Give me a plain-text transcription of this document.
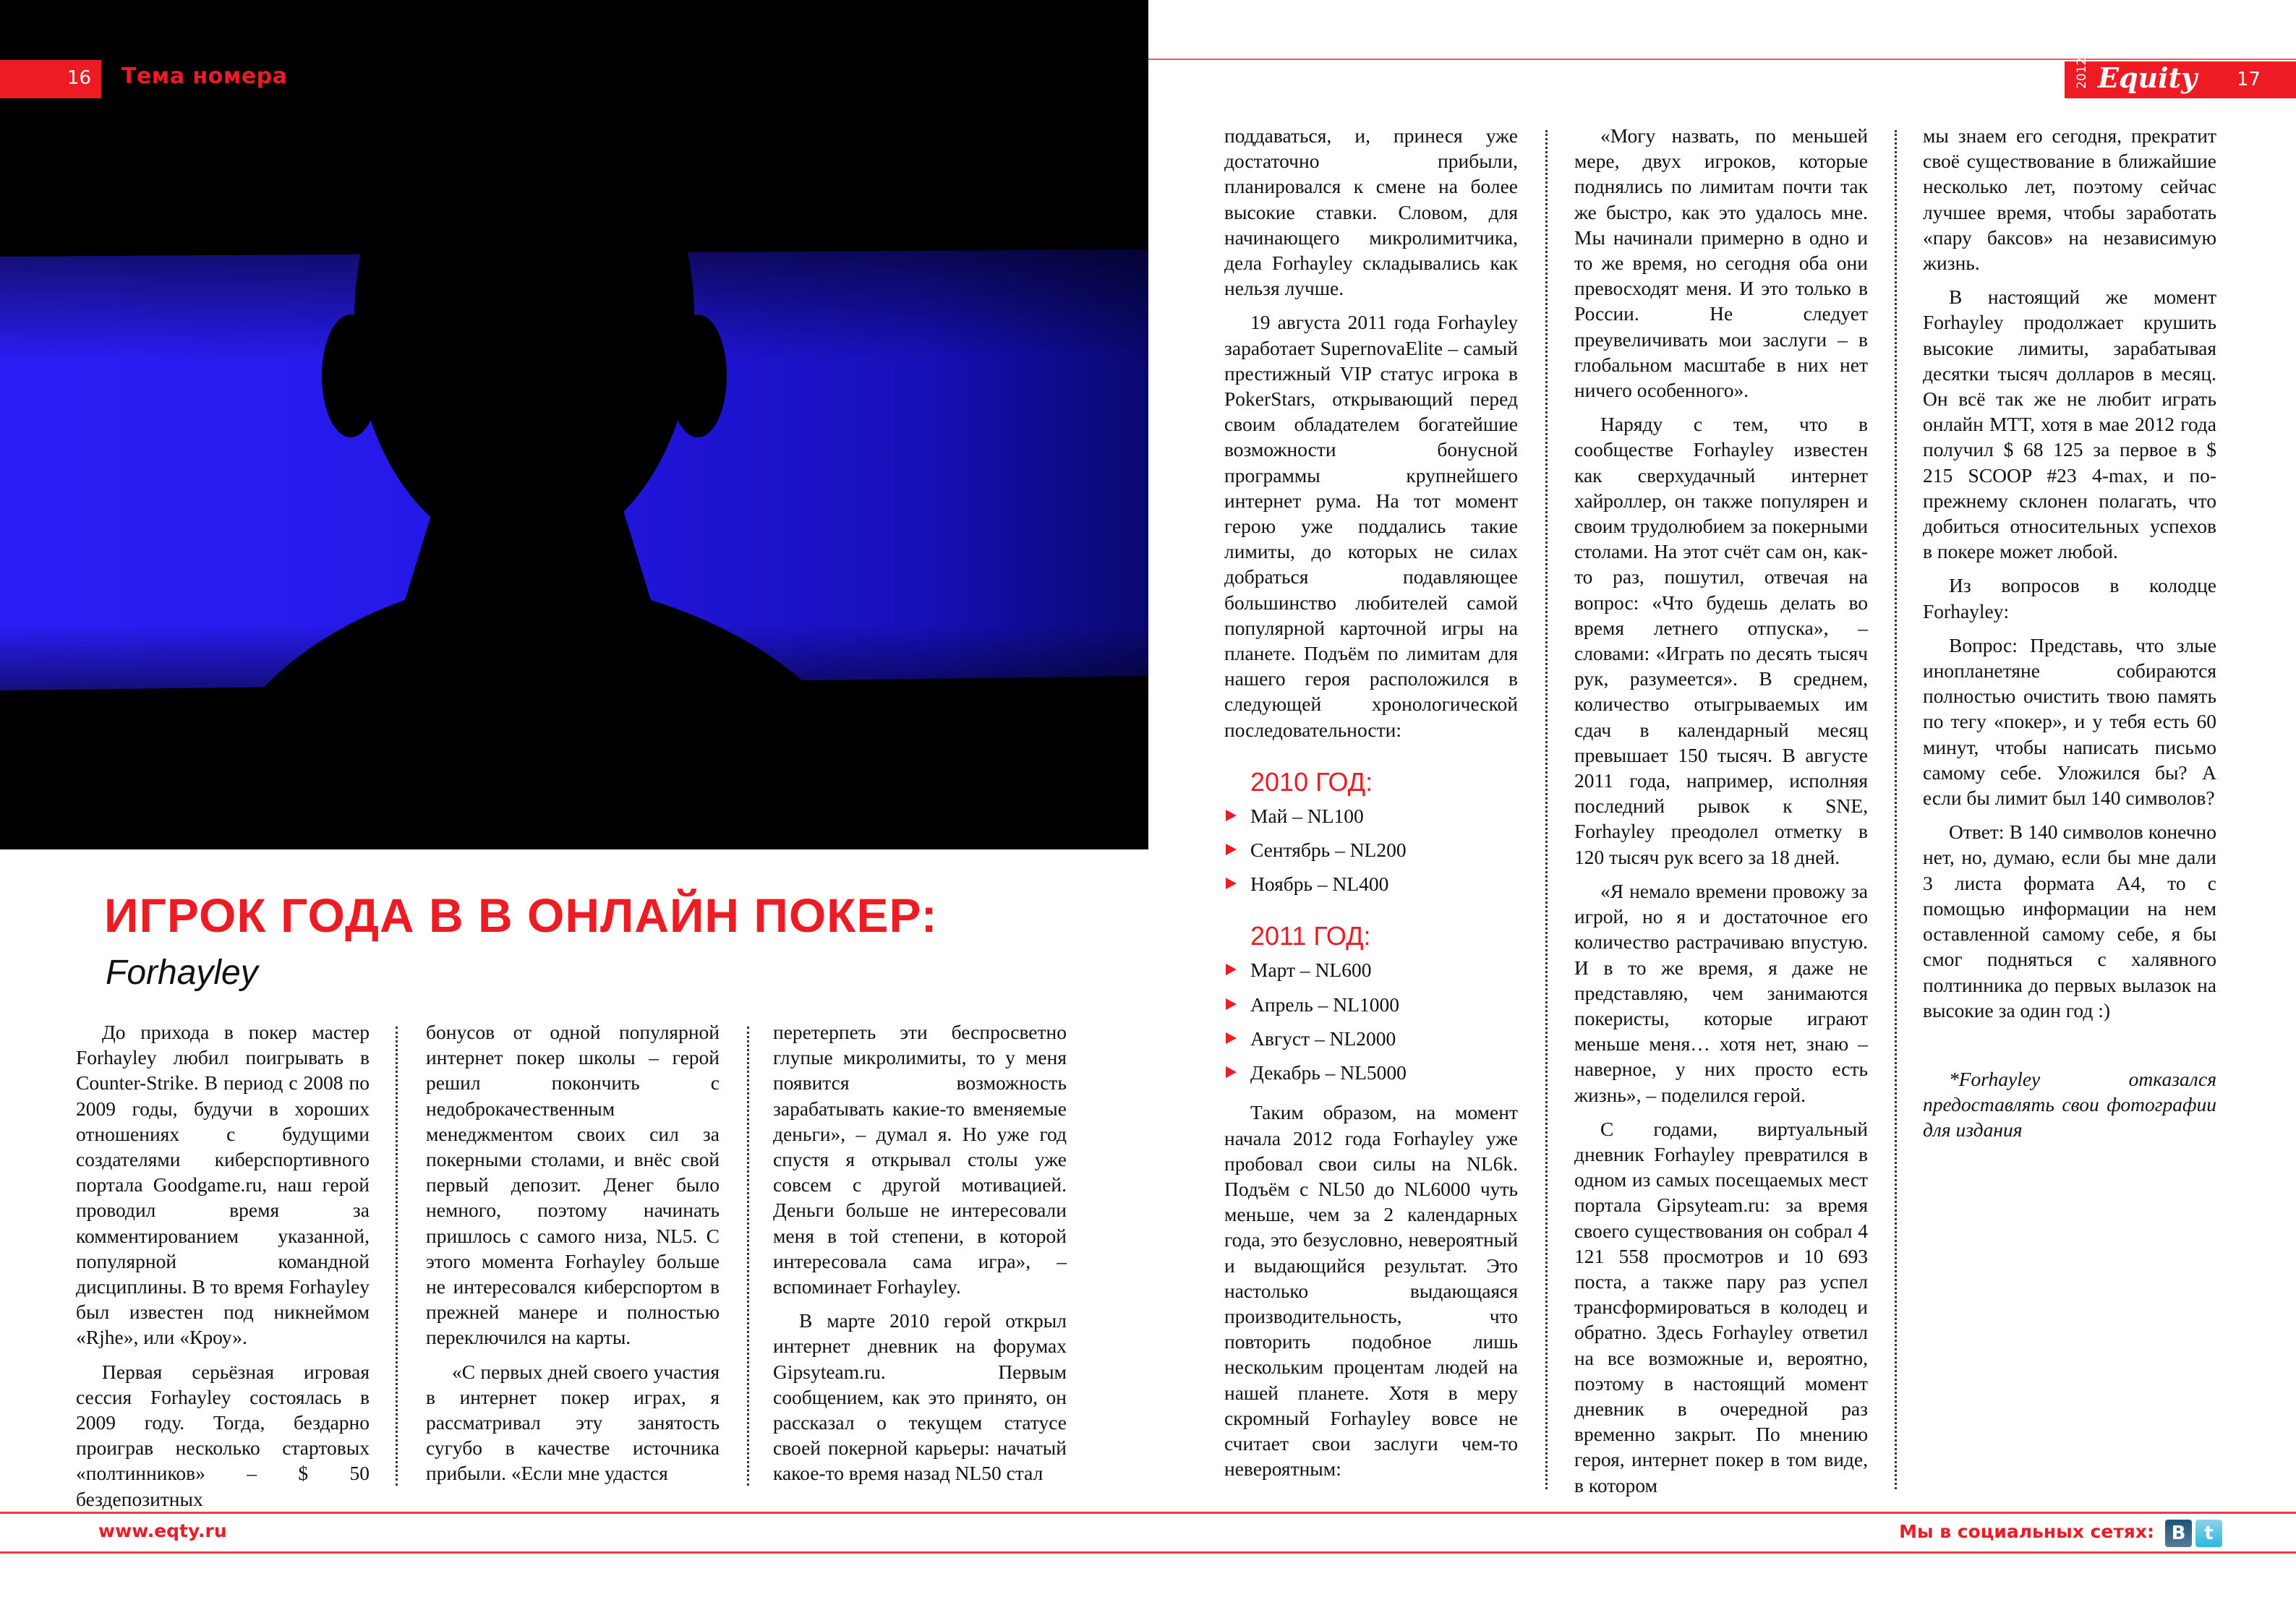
16 Тема номера	2012 Equity 17
ИГРОК ГОДА В В ОНЛАЙН ПОКЕР:
Forhayley

До прихода в покер мастер Forhayley любил поигрывать в Counter-Strike. В период с 2008 по 2009 годы, будучи в хороших отношениях с будущими создателями киберспортивного портала Goodgame.ru, наш герой проводил время за комментированием указанной, популярной командной дисциплины. В то время Forhayley был известен под никнеймом «Rjhe», или «Кроу».

Первая серьёзная игровая сессия Forhayley состоялась в 2009 году. Тогда, бездарно проиграв несколько стартовых «полтинников» – $ 50 бездепозитных

бонусов от одной популярной интернет покер школы – герой решил покончить с недоброкачественным менеджментом своих сил за покерными столами, и внёс свой первый депозит. Денег было немного, поэтому начинать пришлось с самого низа, NL5. С этого момента Forhayley больше не интересовался киберспортом в прежней манере и полностью переключился на карты.

«С первых дней своего участия в интернет покер играх, я рассматривал эту занятость сугубо в качестве источника прибыли. «Если мне удастся

перетерпеть эти беспросветно глупые микролимиты, то у меня появится возможность зарабатывать какие-то вменяемые деньги», – думал я. Но уже год спустя я открывал столы уже совсем с другой мотивацией. Деньги больше не интересовали меня в той степени, в которой интересовала сама игра», – вспоминает Forhayley.

В марте 2010 герой открыл интернет дневник на форумах Gipsyteam.ru. Первым сообщением, как это принято, он рассказал о текущем статусе своей покерной карьеры: начатый какое-то время назад NL50 стал

поддаваться, и, принеся уже достаточно прибыли, планировался к смене на более высокие ставки. Словом, для начинающего микролимитчика, дела Forhayley складывались как нельзя лучше.

19 августа 2011 года Forhayley заработает SupernovaElite – самый престижный VIP статус игрока в PokerStars, открывающий перед своим обладателем богатейшие возможности бонусной программы крупнейшего интернет рума. На тот момент герою уже поддались такие лимиты, до которых не силах добраться подавляющее большинство любителей самой популярной карточной игры на планете. Подъём по лимитам для нашего героя расположился в следующей хронологической последовательности:

2010 ГОД:
Май – NL100
Сентябрь – NL200
Ноябрь – NL400
2011 ГОД:
Март – NL600
Апрель – NL1000
Август – NL2000
Декабрь – NL5000

Таким образом, на момент начала 2012 года Forhayley уже пробовал свои силы на NL6k. Подъём с NL50 до NL6000 чуть меньше, чем за 2 календарных года, это безусловно, невероятный и выдающийся результат. Это настолько выдающаяся производительность, что повторить подобное лишь нескольким процентам людей на нашей планете. Хотя в меру скромный Forhayley вовсе не считает свои заслуги чем-то невероятным:

«Могу назвать, по меньшей мере, двух игроков, которые поднялись по лимитам почти так же быстро, как это удалось мне. Мы начинали примерно в одно и то же время, но сегодня оба они превосходят меня. И это только в России. Не следует преувеличивать мои заслуги – в глобальном масштабе в них нет ничего особенного».

Наряду с тем, что в сообществе Forhayley известен как сверхудачный интернет хайроллер, он также популярен и своим трудолюбием за покерными столами. На этот счёт сам он, как-то раз, пошутил, отвечая на вопрос: «Что будешь делать во время летнего отпуска», – словами: «Играть по десять тысяч рук, разумеется». В среднем, количество отыгрываемых им сдач в календарный месяц превышает 150 тысяч. В августе 2011 года, например, исполняя последний рывок к SNE, Forhayley преодолел отметку в 120 тысяч рук всего за 18 дней.

«Я немало времени провожу за игрой, но я и достаточное его количество растрачиваю впустую. И в то же время, я даже не представляю, чем занимаются покеристы, которые играют меньше меня… хотя нет, знаю – наверное, у них просто есть жизнь», – поделился герой.

С годами, виртуальный дневник Forhayley превратился в одном из самых посещаемых мест портала Gipsyteam.ru: за время своего существования он собрал 4 121 558 просмотров и 10 693 поста, а также пару раз успел трансформироваться в колодец и обратно. Здесь Forhayley ответил на все возможные и, вероятно, поэтому в настоящий момент дневник в очередной раз временно закрыт. По мнению героя, интернет покер в том виде, в котором

мы знаем его сегодня, прекратит своё существование в ближайшие несколько лет, поэтому сейчас лучшее время, чтобы заработать «пару баксов» на независимую жизнь.

В настоящий же момент Forhayley продолжает крушить высокие лимиты, зарабатывая десятки тысяч долларов в месяц. Он всё так же не любит играть онлайн MTT, хотя в мае 2012 года получил $ 68 125 за первое в $ 215 SCOOP #23 4-max, и по-прежнему склонен полагать, что добиться относительных успехов в покере может любой.

Из вопросов в колодце Forhayley:

Вопрос: Представь, что злые инопланетяне собираются полностью очистить твою память по тегу «покер», и у тебя есть 60 минут, чтобы написать письмо самому себе. Уложился бы? А если бы лимит был 140 символов?

Ответ: В 140 символов конечно нет, но, думаю, если бы мне дали 3 листа формата А4, то с помощью информации на нем оставленной самому себе, я бы смог подняться с халявного полтинника до первых вылазок на высокие за один год :)

*Forhayley отказался предоставлять свои фотографии для издания

www.eqty.ru	Мы в социальных сетях: B t
